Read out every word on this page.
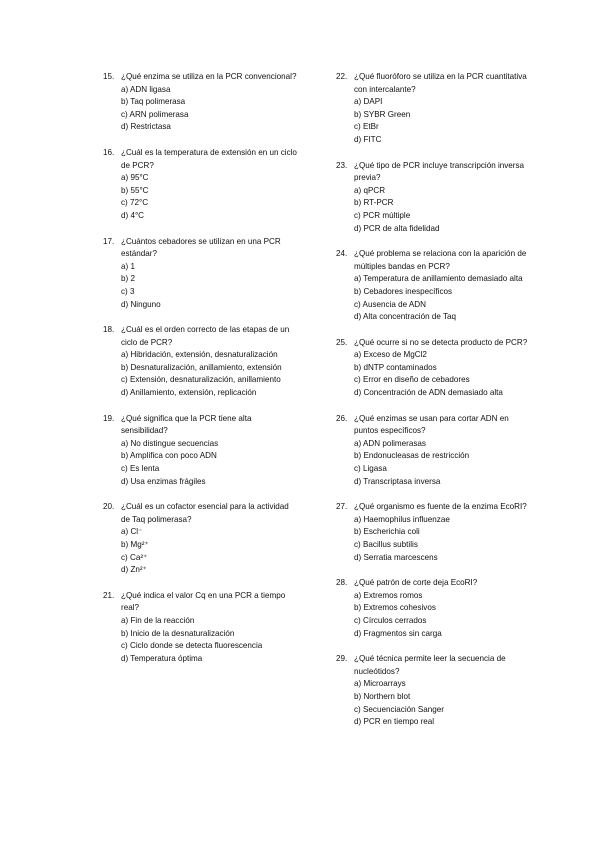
15. ¿Qué enzima se utiliza en la PCR convencional?

a) ADN ligasa
b) Taq polimerasa
c) ARN polimerasa
d) Restrictasa
16. ¿Cuál es la temperatura de extensión en un ciclo de PCR?

a) 95°C
b) 55°C
c) 72°C
d) 4°C
17. ¿Cuántos cebadores se utilizan en una PCR estándar?

a) 1
b) 2
c) 3
d) Ninguno
18. ¿Cuál es el orden correcto de las etapas de un ciclo de PCR?

a) Hibridación, extensión, desnaturalización
b) Desnaturalización, anillamiento, extensión
c) Extensión, desnaturalización, anillamiento
d) Anillamiento, extensión, replicación
19. ¿Qué significa que la PCR tiene alta sensibilidad?

a) No distingue secuencias
b) Amplifica con poco ADN
c) Es lenta
d) Usa enzimas frágiles
20. ¿Cuál es un cofactor esencial para la actividad de Taq polimerasa?

a) Cl⁻
b) Mg²⁺
c) Ca²⁺
d) Zn²⁺
21. ¿Qué indica el valor Cq en una PCR a tiempo real?

a) Fin de la reacción
b) Inicio de la desnaturalización
c) Ciclo donde se detecta fluorescencia
d) Temperatura óptima
22. ¿Qué fluoróforo se utiliza en la PCR cuantitativa con intercalante?

a) DAPI
b) SYBR Green
c) EtBr
d) FITC
23. ¿Qué tipo de PCR incluye transcripción inversa previa?

a) qPCR
b) RT-PCR
c) PCR múltiple
d) PCR de alta fidelidad
24. ¿Qué problema se relaciona con la aparición de múltiples bandas en PCR?

a) Temperatura de anillamiento demasiado alta
b) Cebadores inespecíficos
c) Ausencia de ADN
d) Alta concentración de Taq
25. ¿Qué ocurre si no se detecta producto de PCR?

a) Exceso de MgCl2
b) dNTP contaminados
c) Error en diseño de cebadores
d) Concentración de ADN demasiado alta
26. ¿Qué enzimas se usan para cortar ADN en puntos específicos?

a) ADN polimerasas
b) Endonucleasas de restricción
c) Ligasa
d) Transcriptasa inversa
27. ¿Qué organismo es fuente de la enzima EcoRI?

a) Haemophilus influenzae
b) Escherichia coli
c) Bacillus subtilis
d) Serratia marcescens
28. ¿Qué patrón de corte deja EcoRI?

a) Extremos romos
b) Extremos cohesivos
c) Círculos cerrados
d) Fragmentos sin carga
29. ¿Qué técnica permite leer la secuencia de nucleótidos?

a) Microarrays
b) Northern blot
c) Secuenciación Sanger
d) PCR en tiempo real
